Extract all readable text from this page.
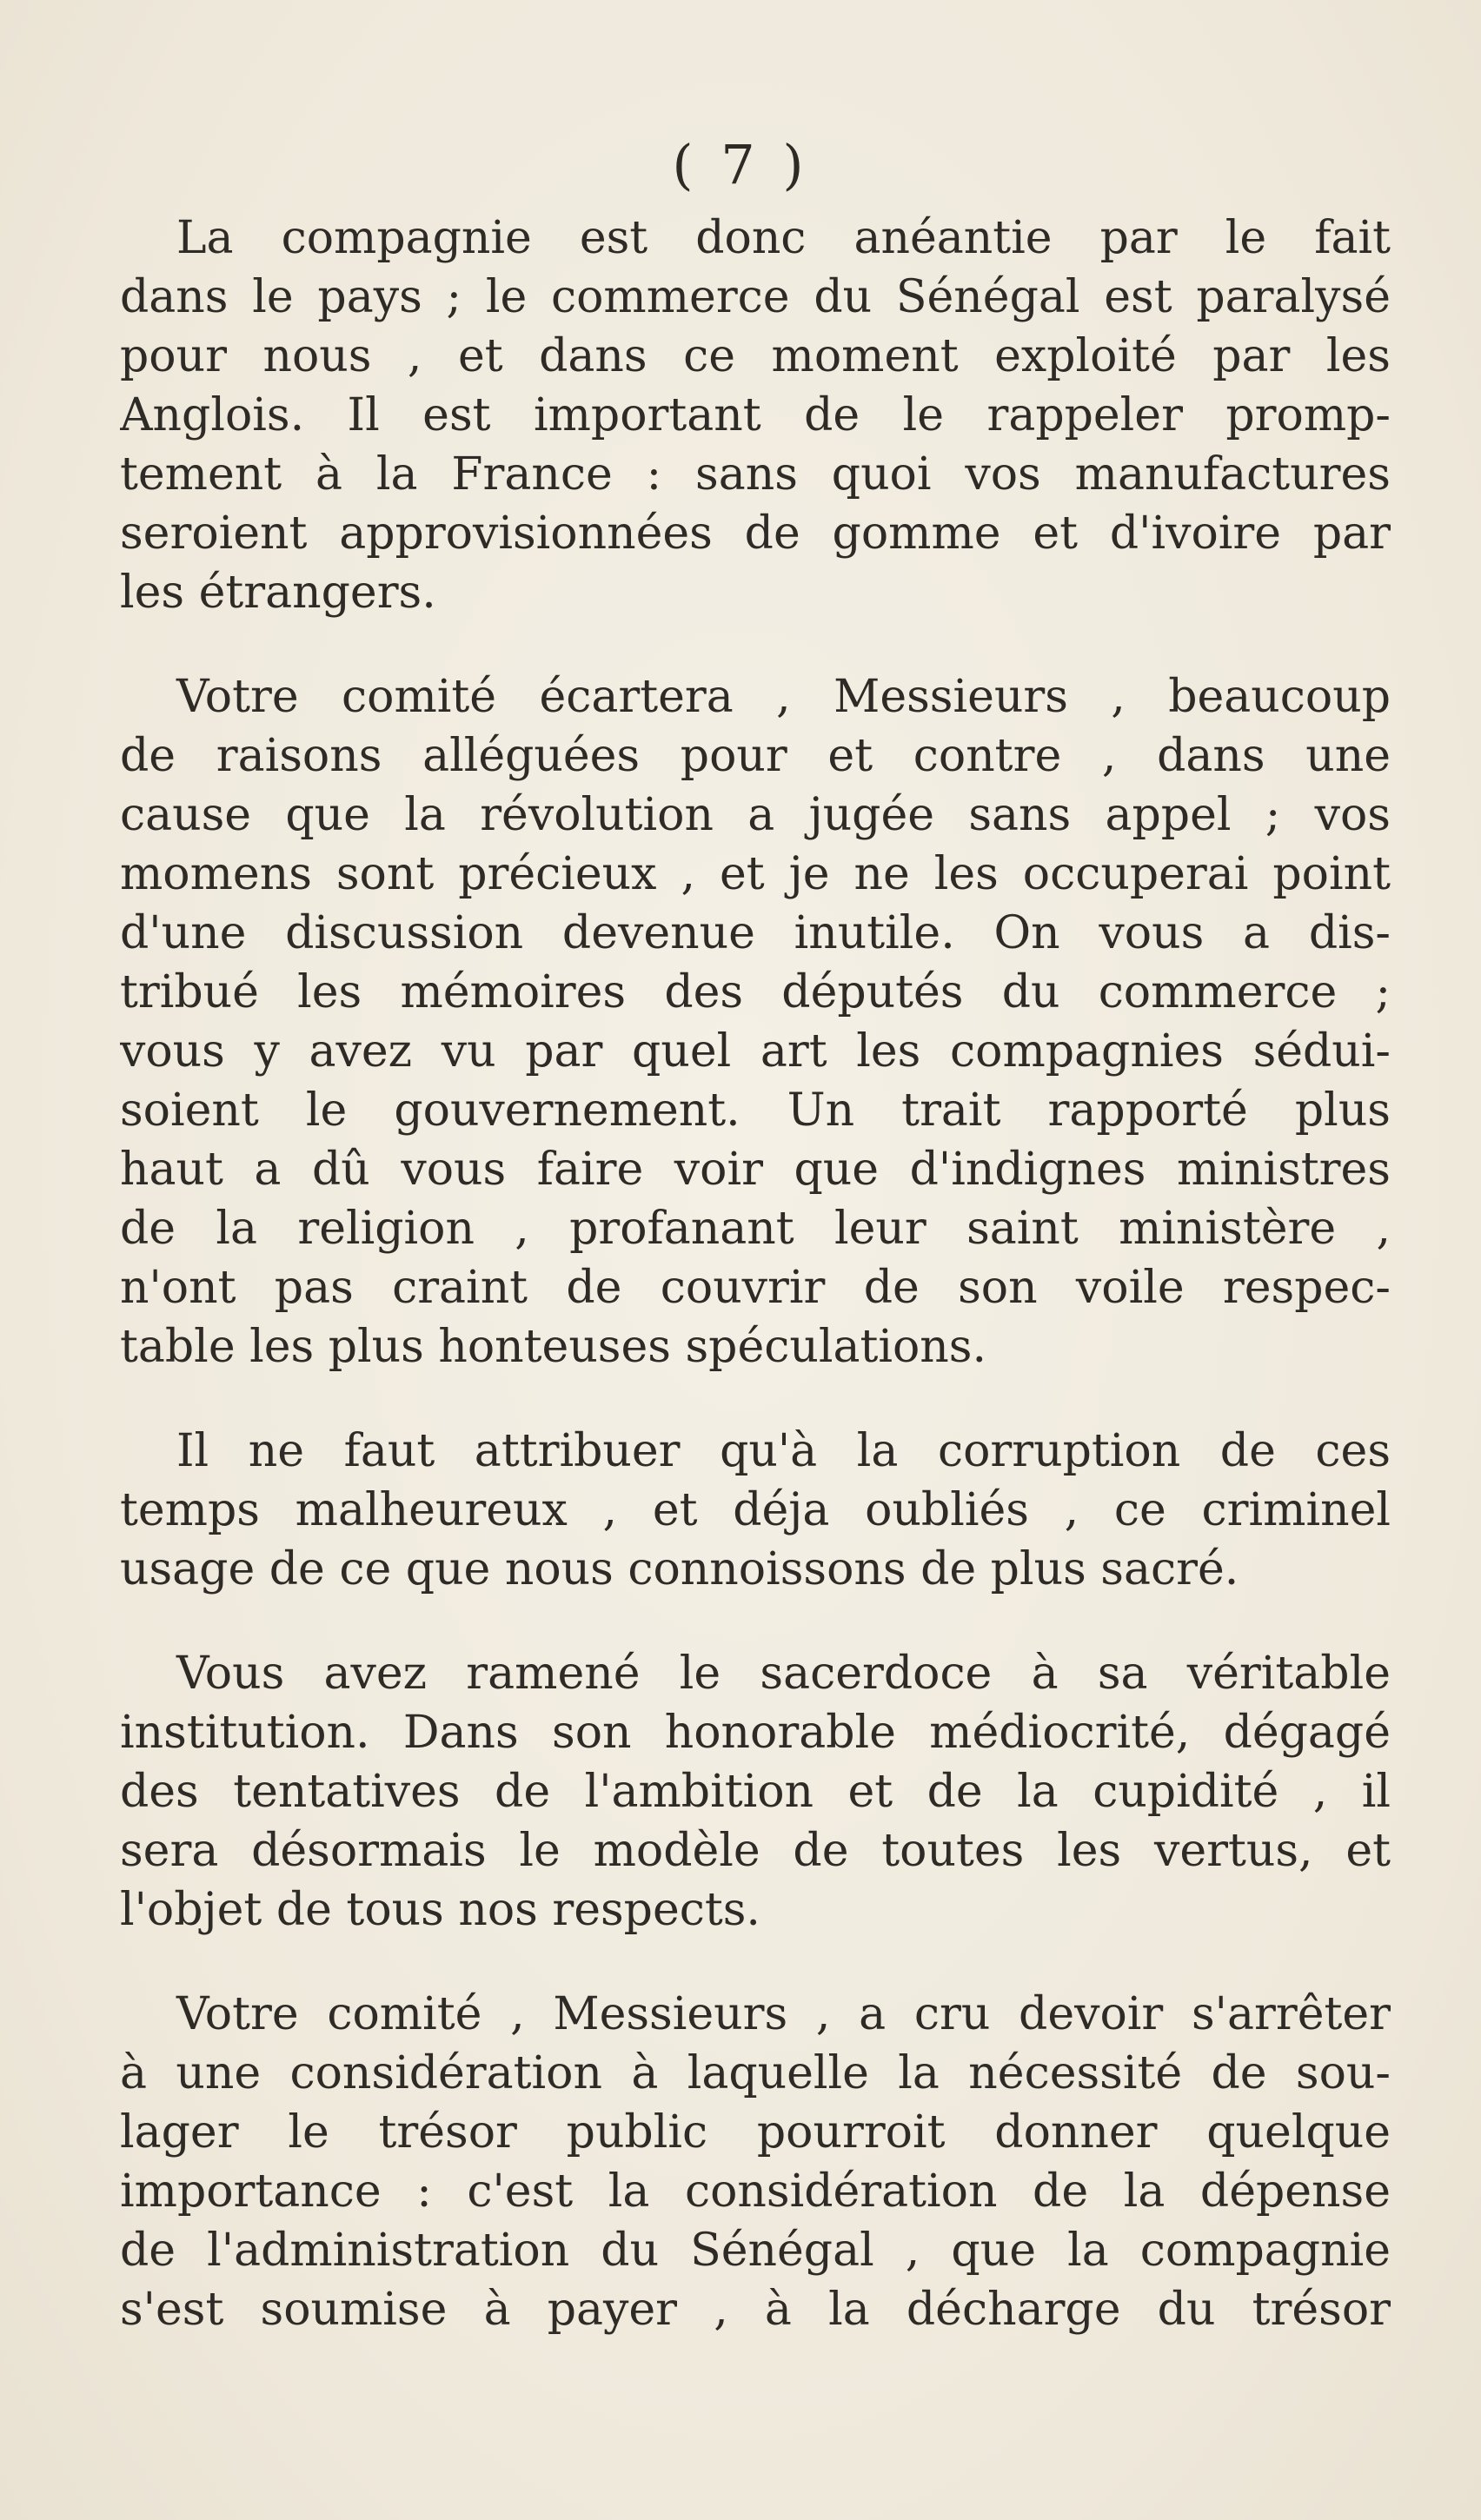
( 7 )
La compagnie est donc anéantie par le fait
dans le pays ; le commerce du Sénégal est paralysé
pour nous , et dans ce moment exploité par les
Anglois. Il est important de le rappeler promp-
tement à la France : sans quoi vos manufactures
seroient approvisionnées de gomme et d'ivoire par
les étrangers.
Votre comité écartera , Messieurs , beaucoup
de raisons alléguées pour et contre , dans une
cause que la révolution a jugée sans appel ; vos
momens sont précieux , et je ne les occuperai point
d'une discussion devenue inutile. On vous a dis-
tribué les mémoires des députés du commerce ;
vous y avez vu par quel art les compagnies sédui-
soient le gouvernement. Un trait rapporté plus
haut a dû vous faire voir que d'indignes ministres
de la religion , profanant leur saint ministère ,
n'ont pas craint de couvrir de son voile respec-
table les plus honteuses spéculations.
Il ne faut attribuer qu'à la corruption de ces
temps malheureux , et déja oubliés , ce criminel
usage de ce que nous connoissons de plus sacré.
Vous avez ramené le sacerdoce à sa véritable
institution. Dans son honorable médiocrité, dégagé
des tentatives de l'ambition et de la cupidité , il
sera désormais le modèle de toutes les vertus, et
l'objet de tous nos respects.
Votre comité , Messieurs , a cru devoir s'arrêter
à une considération à laquelle la nécessité de sou-
lager le trésor public pourroit donner quelque
importance : c'est la considération de la dépense
de l'administration du Sénégal , que la compagnie
s'est soumise à payer , à la décharge du trésor
